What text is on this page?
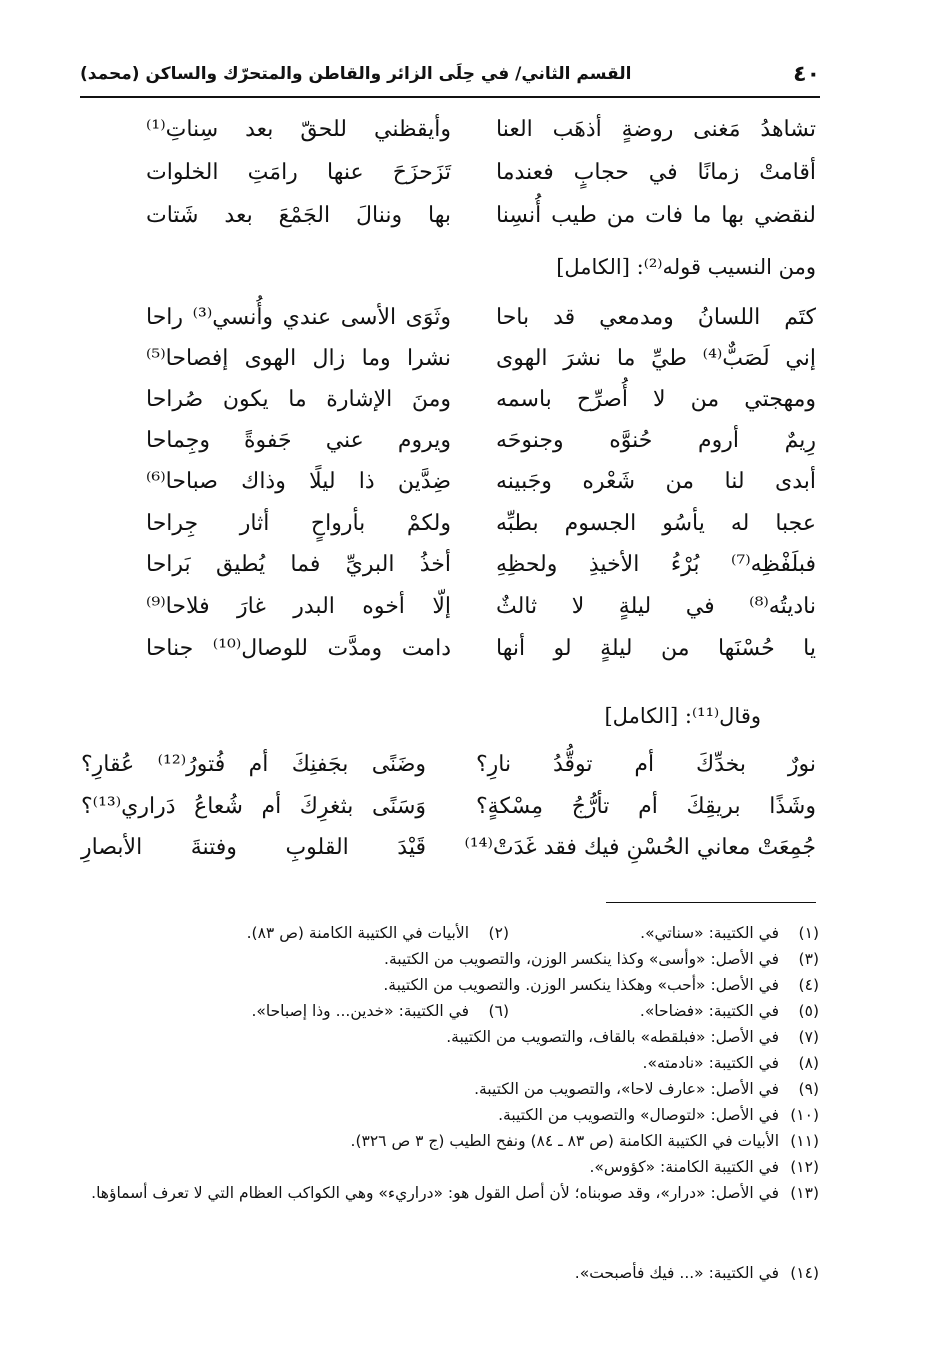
٤٠
القسم الثاني/ في حِلَى الزائر والقاطن والمتحرّك والساكن (محمد)
تشاهدُ مَغنى روضةٍ أذهَب العنا
وأيقظني للحقّ بعد سِناتِ⁽¹⁾
أقامتْ زمانًا في حجابٍ فعندما
تَزَحزَحَ عنها رامَتِ الخلوات
لنقضي بها ما فات من طيب أُنسِنا
بها وننالَ الجَمْعَ بعد شَتات
ومن النسيب قوله⁽²⁾: [الكامل]
كتَم اللسانُ ومدمعي قد باحا
وثَوَى الأسى عندي وأُنسي⁽³⁾ راحا
إني لَصَبٌّ⁽⁴⁾ طيِّ ما نشرَ الهوى
نشرا وما زال الهوى إفصاحا⁽⁵⁾
ومهجتي من لا أُصرِّح باسمه
ومنَ الإشارة ما يكون صُراحا
رِيمٌ أروم حُنوَّه وجنوحَه
ويروم عني جَفوةً وجِماحا
أبدى لنا من شَعْره وجَبينه
ضِدَّين ذا ليلًا وذاك صباحا⁽⁶⁾
عجبا له يأسُو الجسوم بطبِّه
ولكمْ بأرواحٍ أثار جِراحا
فبلَفْظِه⁽⁷⁾ بُرْءُ الأخيذِ ولحظِهِ
أخذُ البريِّ فما يُطيق بَراحا
ناديتُه⁽⁸⁾ في ليلةٍ لا ثالثٌ
إلّا أخوه البدر غارَ فلاحا⁽⁹⁾
يا حُسْنَها من ليلةٍ لو أنها
دامت ومدَّت للوصال⁽¹⁰⁾ جناحا
وقال⁽¹¹⁾: [الكامل]
نورٌ بخدِّكَ أم توقُّدُ نارِ؟
وضَنًى بجَفنِكَ أم فُتورُ⁽¹²⁾ عُقارِ؟
وشَذًا بريقِكَ أم تأرُّجُ مِسْكةٍ؟
وَسَنًى بثغرِكَ أم شُعاعُ دَراري⁽¹³⁾؟
جُمِعَتْ معاني الحُسْنِ فيك فقد غَدَتْ⁽¹⁴⁾
قَيْدَ القلوبِ وفتنةَ الأبصارِ
(١)في الكتيبة: «سناتي».
(٢)الأبيات في الكتيبة الكامنة (ص ٨٣).
(٣)في الأصل: «وأسى» وكذا ينكسر الوزن، والتصويب من الكتيبة.
(٤)في الأصل: «أحب» وهكذا ينكسر الوزن. والتصويب من الكتيبة.
(٥)في الكتيبة: «فضاحا».
(٦)في الكتيبة: «خدين... وذا إصباحا».
(٧)في الأصل: «فبلقطه» بالقاف، والتصويب من الكتيبة.
(٨)في الكتيبة: «نادمته».
(٩)في الأصل: «عارف لاحا»، والتصويب من الكتيبة.
(١٠)في الأصل: «لتوصال» والتصويب من الكتيبة.
(١١)الأبيات في الكتيبة الكامنة (ص ٨٣ ـ ٨٤) ونفح الطيب (ج ٣ ص ٣٢٦).
(١٢)في الكتيبة الكامنة: «كؤوس».
(١٣)في الأصل: «درار»، وقد صوبناه؛ لأن أصل القول هو: «دراريء» وهي الكواكب العظام التي لا تعرف أسماؤها.
(١٤)في الكتيبة: «... فيك فأصبحت».
